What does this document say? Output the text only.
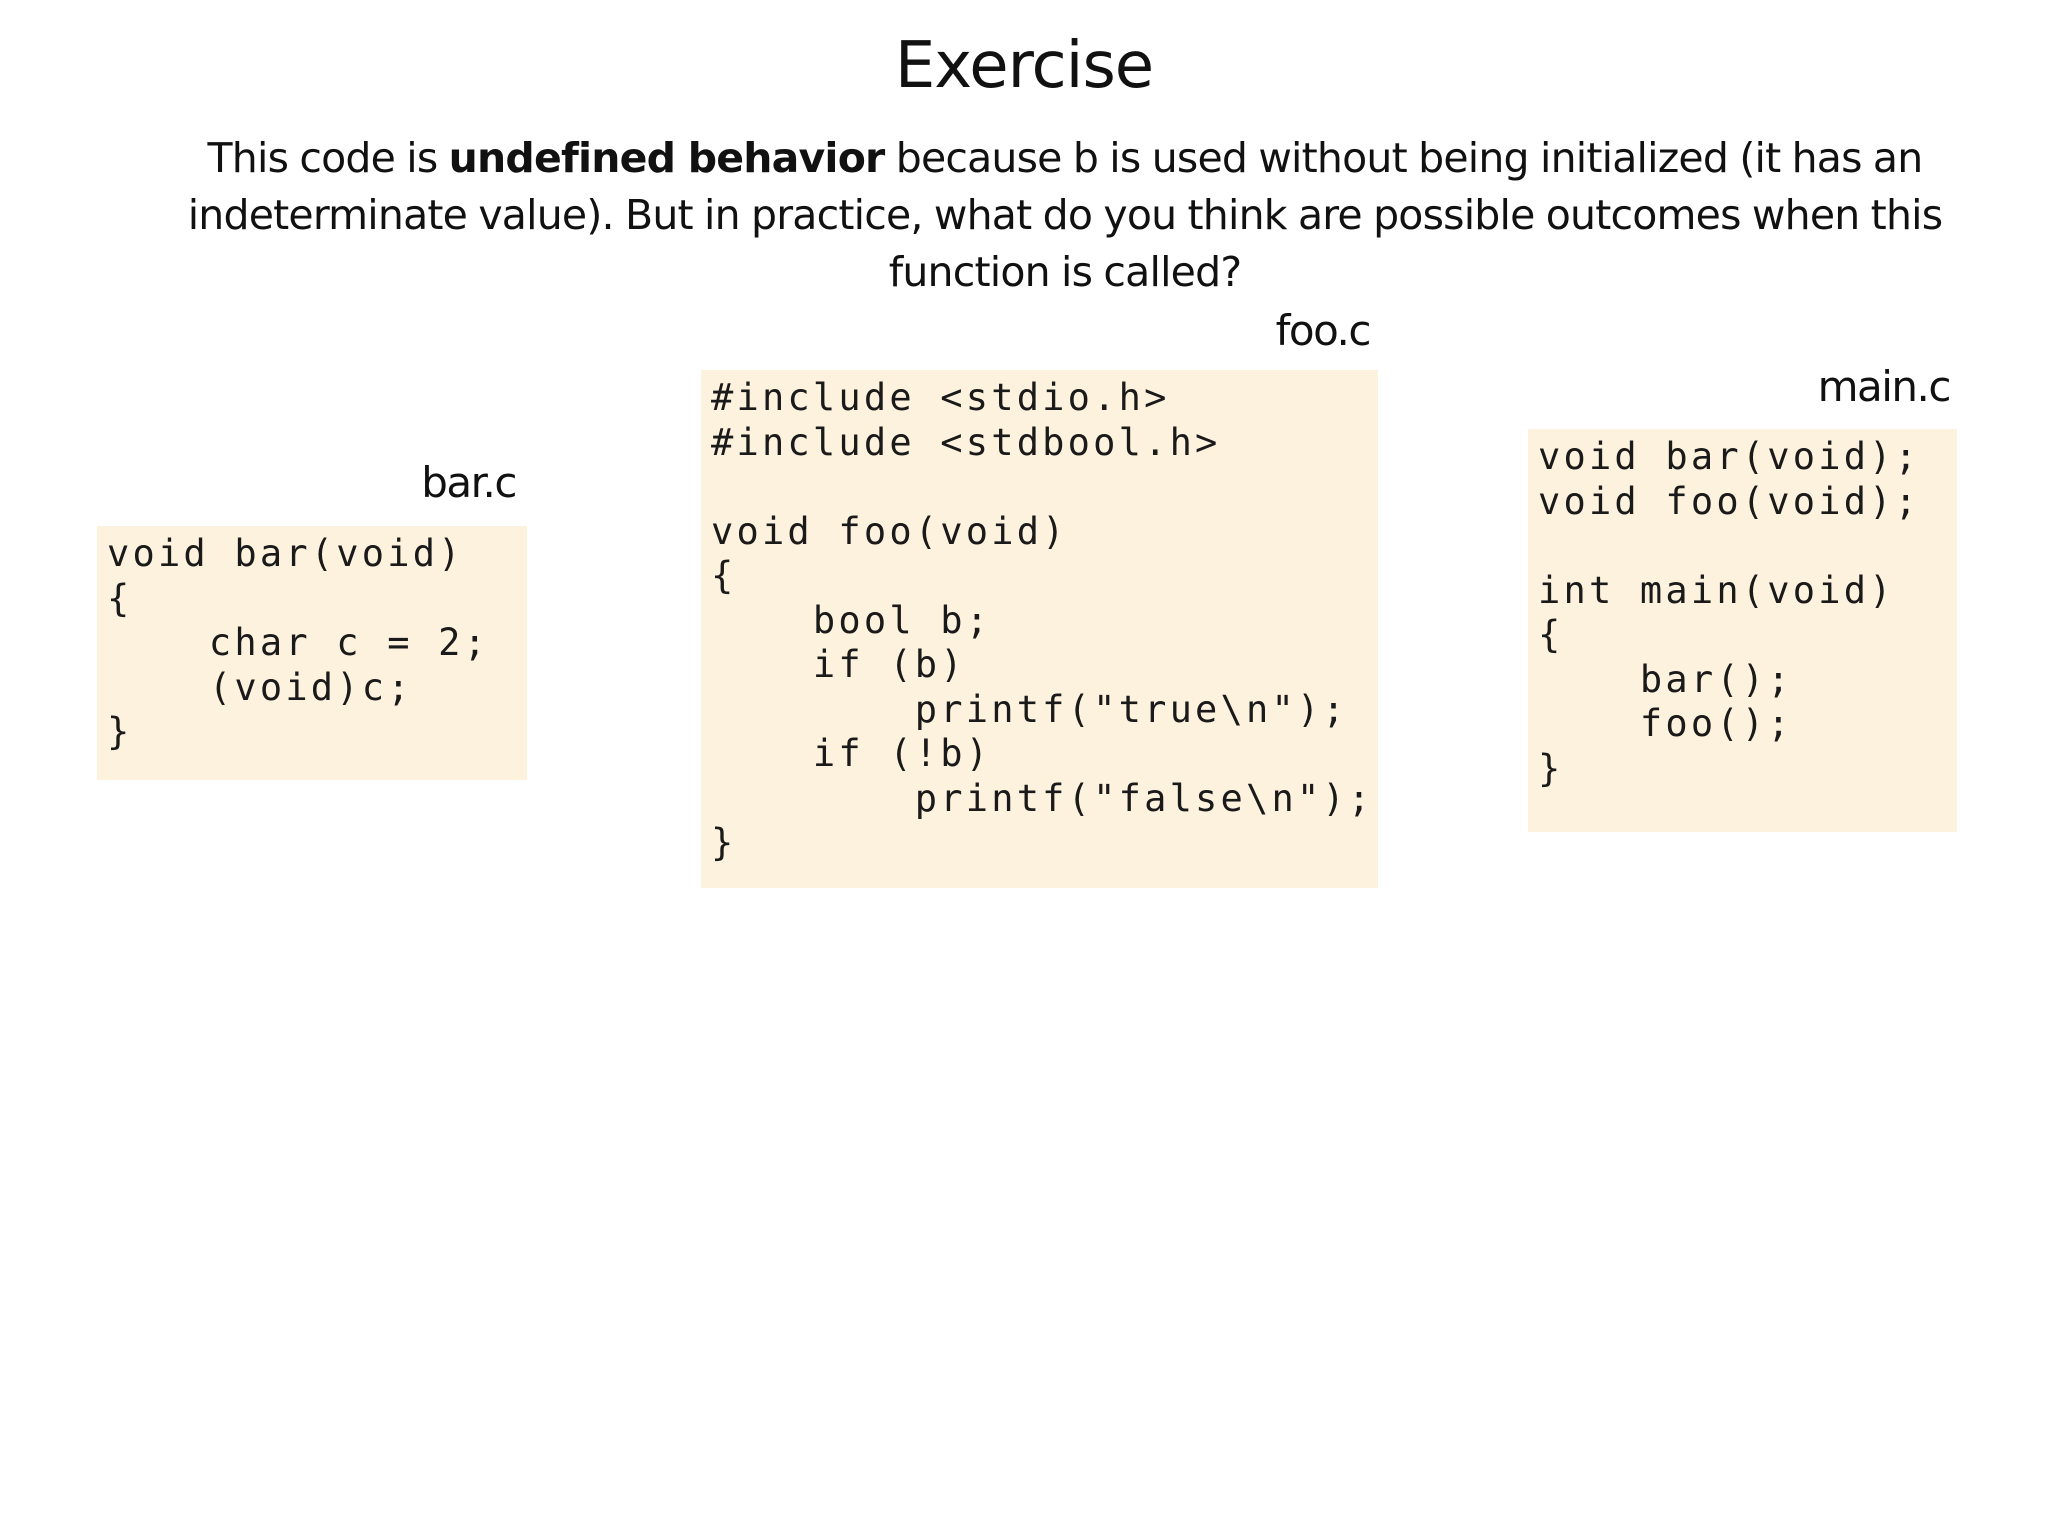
Exercise
This code is undefined behavior because b is used without being initialized (it has an indeterminate value). But in practice, what do you think are possible outcomes when this function is called?
bar.c
void bar(void)
{
char c = 2;
(void)c;
}
foo.c
#include <stdio.h>
#include <stdbool.h>

void foo(void)
{
bool b;
if (b)
printf("true\n");
if (!b)
printf("false\n");
}
main.c
void bar(void);
void foo(void);

int main(void)
{
bar();
foo();
}
